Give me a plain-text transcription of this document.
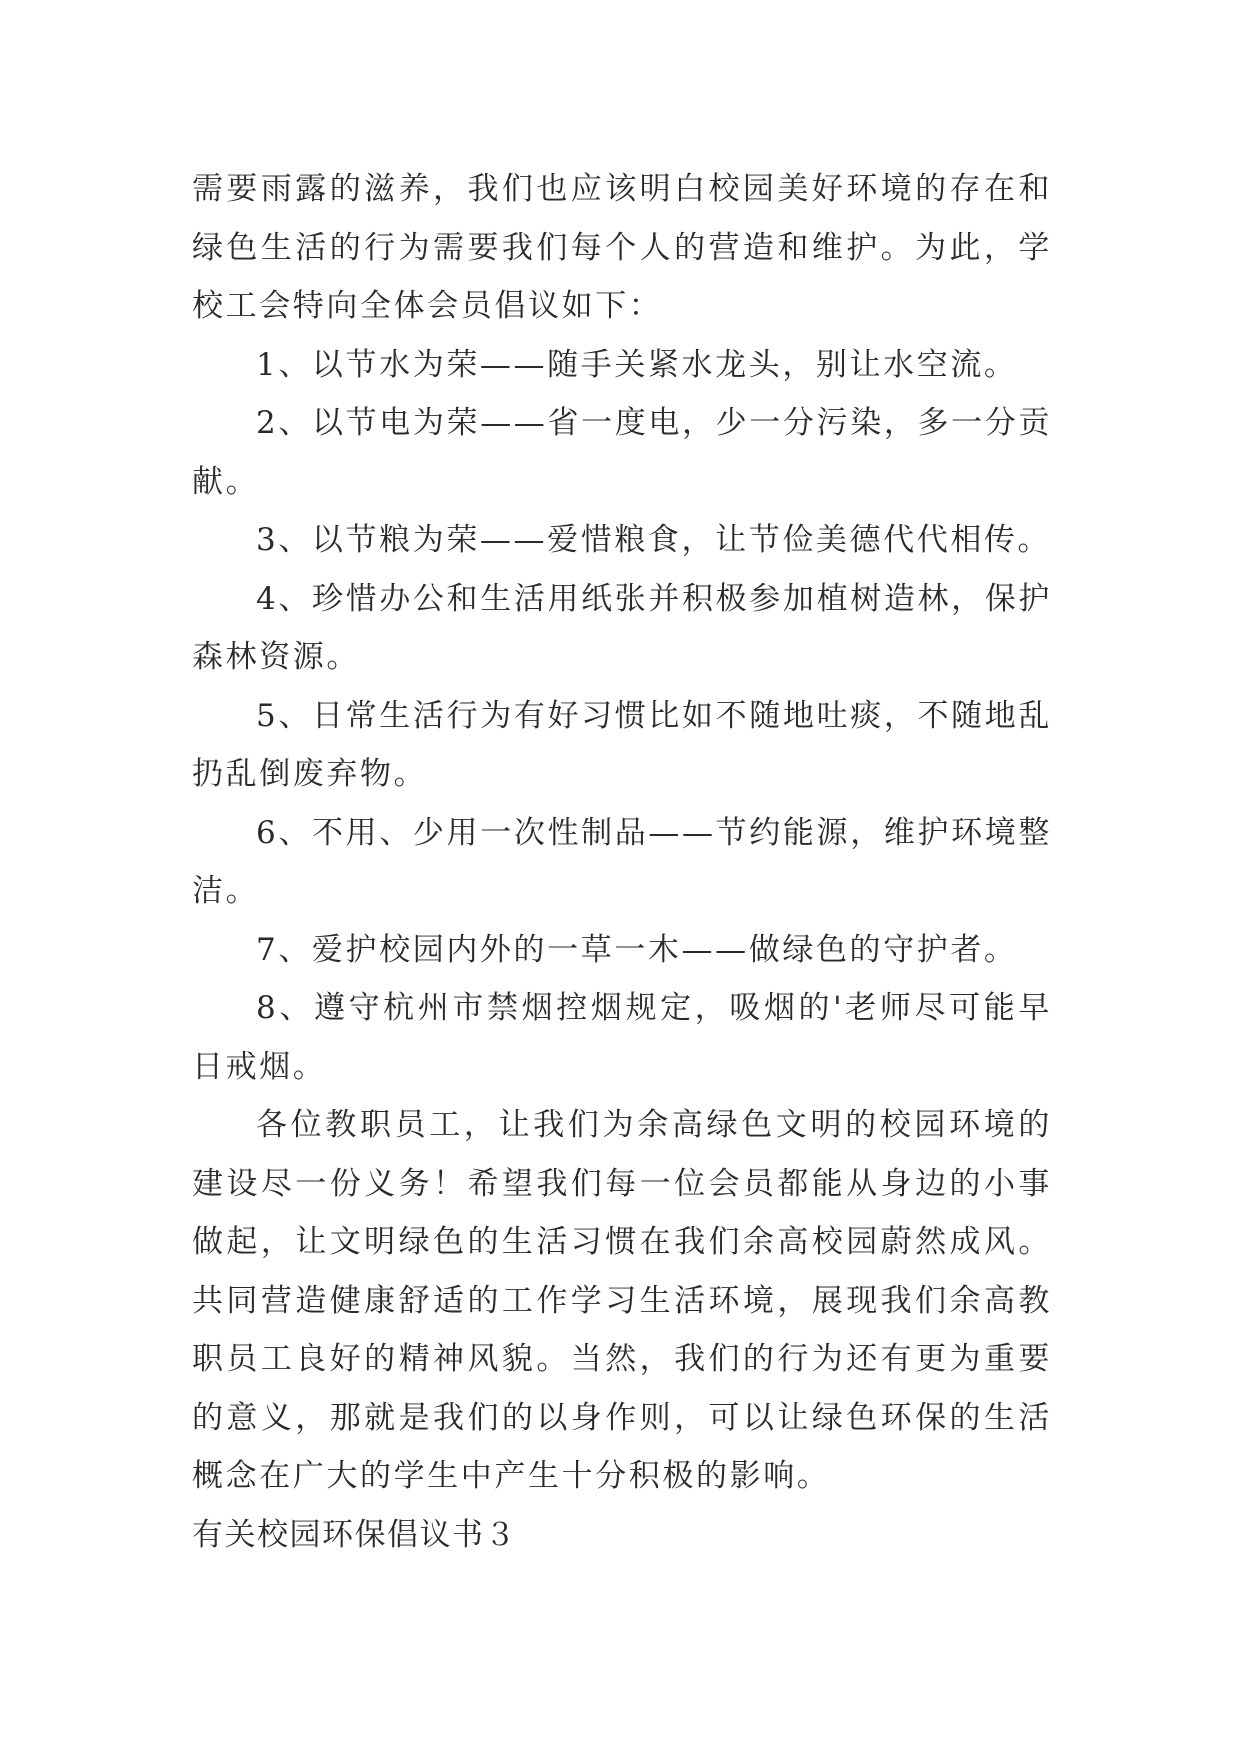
需要雨露的滋养，我们也应该明白校园美好环境的存在和绿色生活的行为需要我们每个人的营造和维护。为此，学校工会特向全体会员倡议如下：

1、以节水为荣——随手关紧水龙头，别让水空流。

2、以节电为荣——省一度电，少一分污染，多一分贡献。

3、以节粮为荣——爱惜粮食，让节俭美德代代相传。

4、珍惜办公和生活用纸张并积极参加植树造林，保护森林资源。

5、日常生活行为有好习惯比如不随地吐痰，不随地乱扔乱倒废弃物。

6、不用、少用一次性制品——节约能源，维护环境整洁。

7、爱护校园内外的一草一木——做绿色的守护者。

8、遵守杭州市禁烟控烟规定，吸烟的'老师尽可能早日戒烟。

各位教职员工，让我们为余高绿色文明的校园环境的建设尽一份义务！希望我们每一位会员都能从身边的小事做起，让文明绿色的生活习惯在我们余高校园蔚然成风。共同营造健康舒适的工作学习生活环境，展现我们余高教职员工良好的精神风貌。当然，我们的行为还有更为重要的意义，那就是我们的以身作则，可以让绿色环保的生活概念在广大的学生中产生十分积极的影响。

有关校园环保倡议书３
